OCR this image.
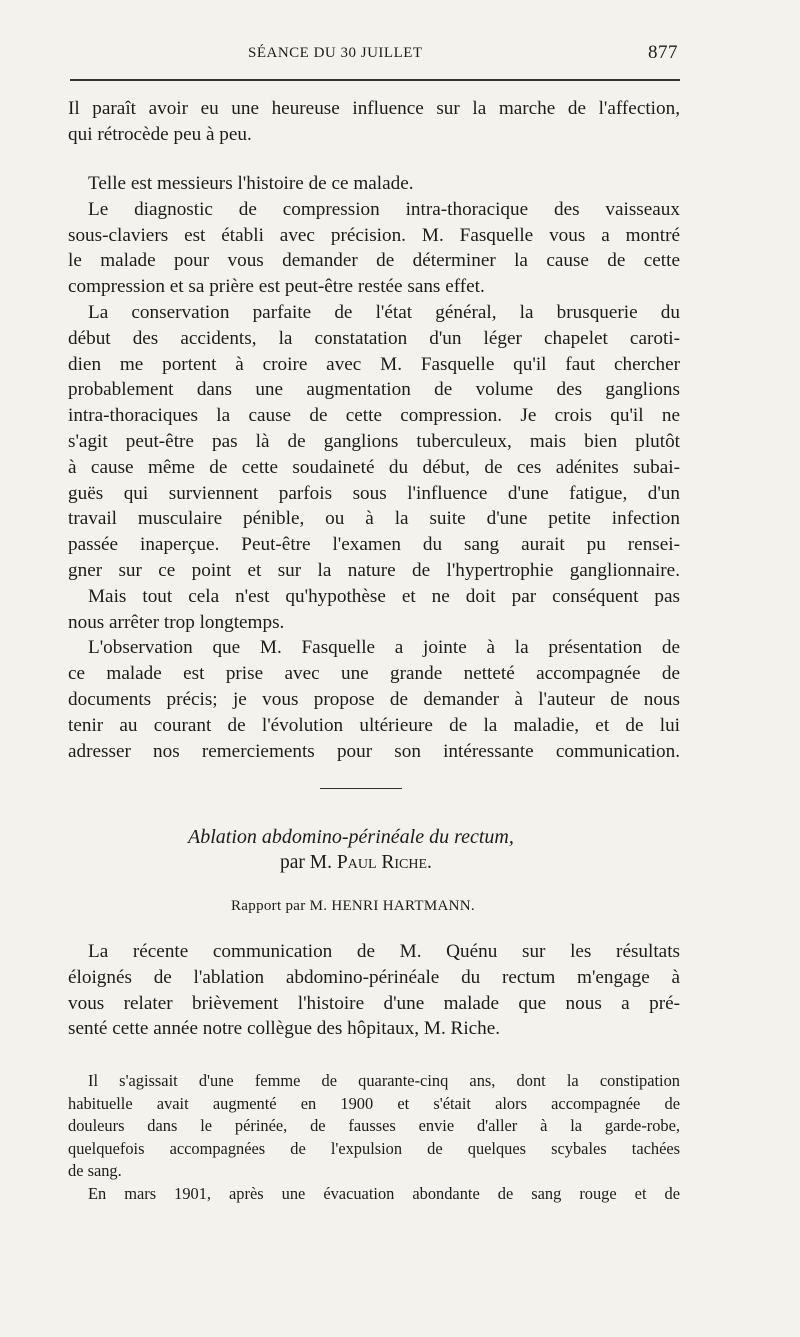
SÉANCE DU 30 JUILLET	877
Il paraît avoir eu une heureuse influence sur la marche de l'affection,
qui rétrocède peu à peu.
Telle est messieurs l'histoire de ce malade.
Le diagnostic de compression intra-thoracique des vaisseaux
sous-claviers est établi avec précision. M. Fasquelle vous a montré
le malade pour vous demander de déterminer la cause de cette
compression et sa prière est peut-être restée sans effet.
La conservation parfaite de l'état général, la brusquerie du
début des accidents, la constatation d'un léger chapelet caroti-
dien me portent à croire avec M. Fasquelle qu'il faut chercher
probablement dans une augmentation de volume des ganglions
intra-thoraciques la cause de cette compression. Je crois qu'il ne
s'agit peut-être pas là de ganglions tuberculeux, mais bien plutôt
à cause même de cette soudaineté du début, de ces adénites subai-
guës qui surviennent parfois sous l'influence d'une fatigue, d'un
travail musculaire pénible, ou à la suite d'une petite infection
passée inaperçue. Peut-être l'examen du sang aurait pu rensei-
gner sur ce point et sur la nature de l'hypertrophie ganglionnaire.
Mais tout cela n'est qu'hypothèse et ne doit par conséquent pas
nous arrêter trop longtemps.
L'observation que M. Fasquelle a jointe à la présentation de
ce malade est prise avec une grande netteté accompagnée de
documents précis; je vous propose de demander à l'auteur de nous
tenir au courant de l'évolution ultérieure de la maladie, et de lui
adresser nos remerciements pour son intéressante communication.
Ablation abdomino-périnéale du rectum,
par M. Paul Riche.
Rapport par M. HENRI HARTMANN.
La récente communication de M. Quénu sur les résultats
éloignés de l'ablation abdomino-périnéale du rectum m'engage à
vous relater brièvement l'histoire d'une malade que nous a pré-
senté cette année notre collègue des hôpitaux, M. Riche.
Il s'agissait d'une femme de quarante-cinq ans, dont la constipation
habituelle avait augmenté en 1900 et s'était alors accompagnée de
douleurs dans le périnée, de fausses envie d'aller à la garde-robe,
quelquefois accompagnées de l'expulsion de quelques scybales tachées
de sang.
En mars 1901, après une évacuation abondante de sang rouge et de
